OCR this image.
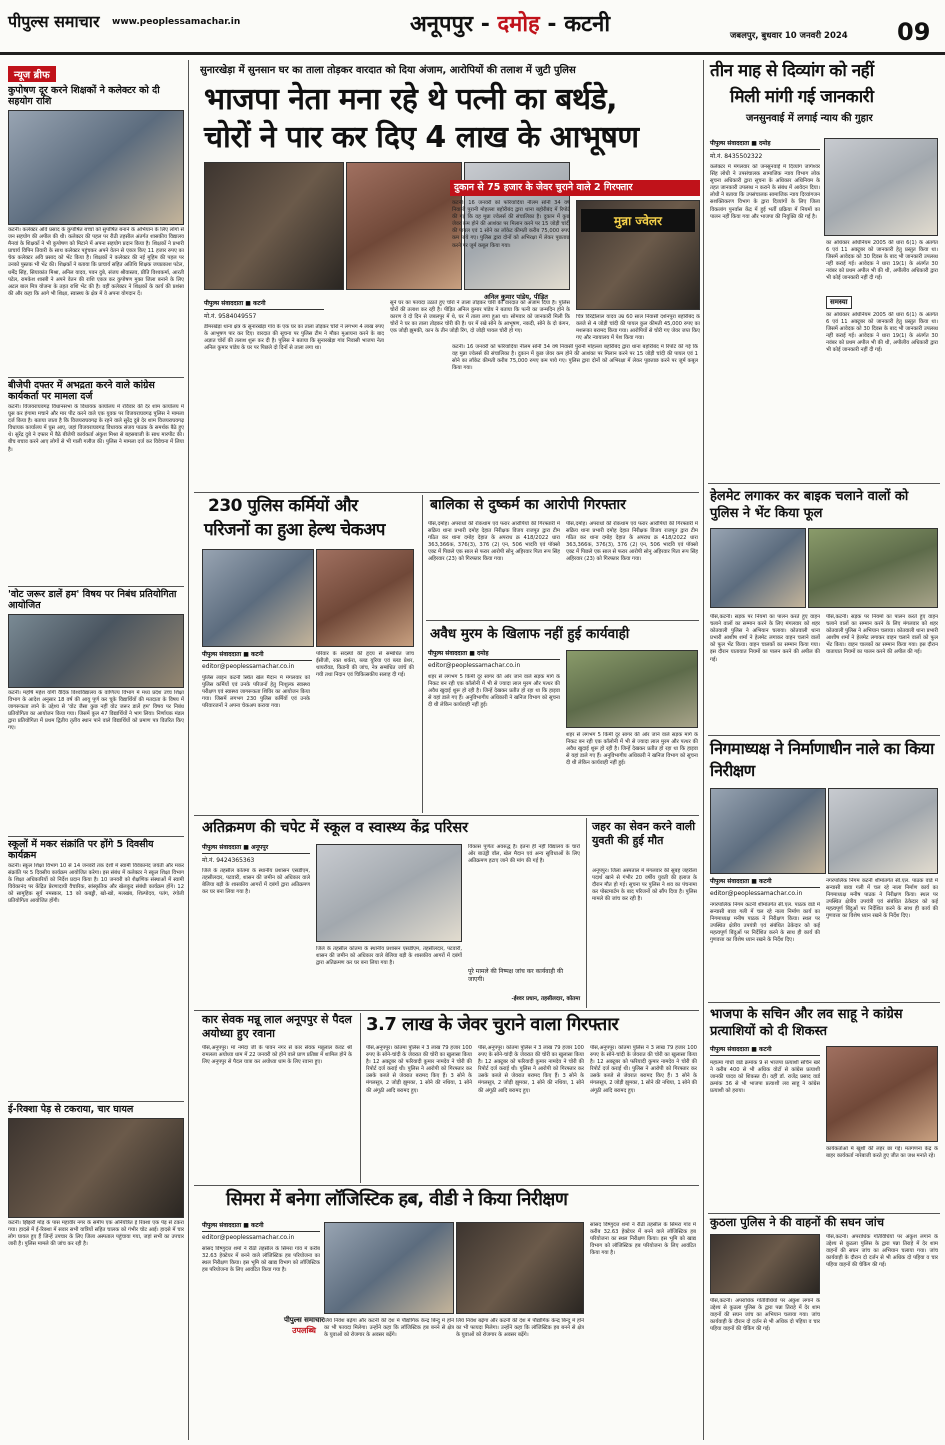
पीपुल्स समाचार www.peoplessamachar.in	अनूपपुर - दमोह - कटनी	जबलपुर, बुधवार 10 जनवरी 2024 09
न्यूज ब्रीफ
कुपोषण दूर करने शिक्षकों ने कलेक्टर को दी सहयोग राशि
कटनी। कलेक्टर अवि प्रसाद के कुपोषित बच्चों को सुपोषित बनाने के अभियान के लिए लोगों से जन सहयोग की अपील की थी। कलेक्टर की पहल पर रीठी तहसील अंतर्गत शासकीय विद्यालय मैनवां के शिक्षकों ने भी कुपोषण को मिटाने में अपना सहयोग प्रदान किया है। शिक्षकों ने प्रभारी प्राचार्य विपिन तिवारी के साथ कलेक्टर पहुंचकर अपने वेतन से एकत्र किए 11 हजार रुपए का चेक कलेक्टर अवि प्रसाद को भेंट किया है। शिक्षकों ने कलेक्टर की नई मुहिम की पहल पर उनको पुस्तक भी भेंट की। शिक्षकों ने बताया कि प्राचार्य सहित अतिथि शिक्षक जयप्रकाश पटेल, धर्मेंद्र सिंह, सियाकांत मिश्रा, अनिल यादव, पवन दुबे, संजय श्रीवास्तव, प्रीति विश्वकर्मा, आरती पटेल, रामकेश शास्त्री ने अपने वेतन की राशि एकत्र कर कुपोषण मुक्त जिला बनाने के लिए अटल बाल मित्र योजना के तहत राशि भेंट की है। वहीं कलेक्टर ने शिक्षकों के कार्य की प्रशंसा की और कहा कि आगे भी शिक्षा, स्वास्थ्य के क्षेत्र में वे अपना योगदान दें।
बीजेपी दफ्तर में अभद्रता करने वाले कांग्रेस कार्यकर्ता पर मामला दर्ज
कटनी। विजयराघवगढ़ विधानसभा के विधायक कार्यालय में रविवार की देर शाम कार्यालय में घुस कर हंगामा मचाने और मार पीट करने वाले एक युवक पर विजयराघवगढ़ पुलिस ने मामला दर्ज किया है। बताया जाता है कि विजयराघवगढ़ के रहने वाले सुरेंद्र दुबे देर शाम विजयराघवगढ़ विधायक कार्यालय में घुस आए, जहां विजयराघवगढ़ विधायक संजय पाठक के समर्थक बैठे हुए थे। सुरेंद्र दुबे ने दफ्तर में बैठे बीजेपी कार्यकर्ता अंकुश मिश्रा से बहसबाजी के साथ मारपीट की। बीच बचाव करने आए लोगों से भी गाली गलौज की। पुलिस ने मामला दर्ज कर विवेचना में लिया है।
'वोट जरूर डालें हम' विषय पर निबंध प्रतियोगिता आयोजित
कटनी। महर्षि महेश योगी वैदिक विश्वविद्यालय के वाणिज्य विभाग में मध्य प्रदेश उच्च शिक्षा विभाग के आदेश अनुसार 18 वर्ष की आयु पूर्ण कर चुके विद्यार्थियों की मतदाता के विषय में जागरूकता लाने के उद्देश्य से 'वोट जैसा कुछ नहीं वोट जरूर डालें हम' विषय पर निबंध प्रतियोगिता का आयोजन किया गया। जिसमें कुल 47 विद्यार्थियों ने भाग लिया। निर्णायक मंडल द्वारा प्रतियोगिता में प्रथम द्वितीय तृतीय स्थान पाने वाले विद्यार्थियों को प्रमाण पत्र वितरित किए गए।
स्कूलों में मकर संक्रांति पर होंगे 5 दिवसीय कार्यक्रम
कटनी। स्कूल शिक्षा विभाग 10 से 14 जनवरी तक देशी में स्वामी विवेकानंद जयंती और मकर संक्रांति पर 5 दिवसीय कार्यक्रम आयोजित करेगा। इस संबंध में कलेक्टर ने स्कूल शिक्षा विभाग के शिक्षा अधिकारियों को निर्देश प्रदान किया है। 10 जनवरी को शैक्षणिक संस्थाओं में स्वामी विवेकानंद पर केंद्रित प्रेरणादायी वैचारिक, सांस्कृतिक और खेलकूद संबंधी कार्यक्रम होंगे। 12 को सामूहिक सूर्य नमस्कार, 13 को कबड्डी, खो-खो, मलखंब, शिल्पोदय, पतंग, रंगोली प्रतियोगिता आयोजित होंगी।
ई-रिक्शा पेड़ से टकराया, चार घायल
कटनी। झिंझरी मोड़ के पास महावीर नगर के समीप एक अनियंत्रित ई रिक्शा एक पेड़ से टकरा गया। हादसे में ई-रिक्शा में सवार सभी यात्रियों सहित चालक को गंभीर चोट आई। हादसे में चार लोग घायल हुए हैं जिन्हें उपचार के लिए जिला अस्पताल पहुंचाया गया, जहां सभी का उपचार जारी है। पुलिस मामले की जांच कर रही है।
सुनारखेड़ा में सुनसान घर का ताला तोड़कर वारदात को दिया अंजाम, आरोपियों की तलाश में जुटी पुलिस
भाजपा नेता मना रहे थे पत्नी का बर्थडे,
चोरों ने पार कर दिए 4 लाख के आभूषण
अनिल कुमार पांडेय, पीड़ित
पीपुल्स संवाददाता ■ कटनी
मो.नं. 9584049557
डीमरखेड़ा थाना क्षेत्र के सुनारखेड़ा गांव के एक घर का ताला तोड़कर चोरों ने लगभग 4 लाख रुपए के आभूषण पार कर दिए। वारदात की सूचना पर पुलिस टीम ने मौका मुआयना करने के बाद अज्ञात चोरों की तलाश शुरू कर दी है। पुलिस ने बताया कि सुनारखेड़ा गांव निवासी भाजपा नेता अनिल कुमार पांडेय के घर पर पिछले दो दिनों से ताला लगा था।
सूने घर का फायदा उठाते हुए चोरों ने ताला तोड़कर चोरी की वारदात को अंजाम दिया है। पुलिस चोरों की तलाश कर रही है। पीड़ित अनिल कुमार पांडेय ने बताया कि पत्नी का जन्मदिन होने के कारण वे दो दिन से जबलपुर में थे, घर में ताला लगा हुआ था। सोमवार को जानकारी मिली कि चोरों ने घर का ताला तोड़कर चोरी की है। घर में रखे सोने के आभूषण, नकदी, सोने के दो कंगन, एक जोड़ी झुमकी, कान के तीन जोड़ी रिंग, दो जोड़ी पायल चोरी हो गए।
दुकान से 75 हजार के जेवर चुराने वाले 2 गिरफ्तार
कटनी। 16 जनवरी को फरियादिया नीलम सोनी 34 वर्ष निवासी पुरानी मोहल्ला बहोरीबंद द्वारा थाना बहोरीबंद में रिपोर्ट की गई कि वह मुन्ना ज्वेलर्स की संचालिका है। दुकान में कुछ जेवर कम होने की आशंका पर मिलान करने पर 15 जोड़ी चांदी की पायल एवं 1 सोने का लॉकेट कीमती करीब 75,000 रुपए कम पाये गए। पुलिस द्वारा दोनों को अभिरक्षा में लेकर पूछताछ करने पर जुर्म कबूल किया गया।
मुन्ना ज्वेलर
चित्र विरेंद्रीलाल यादव उम्र 60 साल निवासी दर्शनपुरा बहोरीबंद के कब्जे से 4 जोड़ी चांदी की पायल कुल कीमती 45,000 रुपए का मशरूका बरामद किया गया। आरोपियों से चोरी गए जेवर जप्त किए गए और न्यायालय में पेश किया गया।
कटनी। 16 जनवरी को फरियादिया नीलम सोनी 34 वर्ष निवासी पुरानी मोहल्ला बहोरीबंद द्वारा थाना बहोरीबंद में रिपोर्ट की गई कि वह मुन्ना ज्वेलर्स की संचालिका है। दुकान में कुछ जेवर कम होने की आशंका पर मिलान करने पर 15 जोड़ी चांदी की पायल एवं 1 सोने का लॉकेट कीमती करीब 75,000 रुपए कम पाये गए। पुलिस द्वारा दोनों को अभिरक्षा में लेकर पूछताछ करने पर जुर्म कबूल किया गया।
तीन माह से दिव्यांग को नहीं
मिली मांगी गई जानकारी
जनसुनवाई में लगाई न्याय की गुहार
पीपुल्स संवाददाता ■ दमोह
मो.नं. 8435502322
कलेक्टर में मंगलवार को जनसुनवाई में दिव्यांग जागेश्वर सिंह लोधी ने उपसंचालक सामाजिक न्याय विभाग लोक सूचना अधिकारी द्वारा सूचना के अधिकार अधिनियम के तहत जानकारी उपलब्ध न कराने के संबंध में आवेदन दिया। लोधी ने बताया कि उपसंचालक सामाजिक न्याय दिव्यांगजन सशक्तिकरण विभाग के द्वारा दिव्यांगों के लिए जिला विकलांग पुनर्वास केंद्र में हुई भर्ती प्रक्रिया में नियमों का पालन नहीं किया गया और भाजपा की नियुक्ति की गई है।
समस्या
का अधिकार अधिनियम 2005 की धारा 6(1) के अंतर्गत 6 एवं 11 अक्टूबर को जानकारी हेतु प्रस्तुत किया था। जिसमें आवेदक को 30 दिवस के बाद भी जानकारी उपलब्ध नहीं कराई गई। आवेदक ने धारा 19(1) के अंतर्गत 30 नवंबर को प्रथम अपील भी की थी, अपीलीय अधिकारी द्वारा भी कोई जानकारी नहीं दी गई।
का अधिकार अधिनियम 2005 की धारा 6(1) के अंतर्गत 6 एवं 11 अक्टूबर को जानकारी हेतु प्रस्तुत किया था। जिसमें आवेदक को 30 दिवस के बाद भी जानकारी उपलब्ध नहीं कराई गई। आवेदक ने धारा 19(1) के अंतर्गत 30 नवंबर को प्रथम अपील भी की थी, अपीलीय अधिकारी द्वारा भी कोई जानकारी नहीं दी गई।
हेलमेट लगाकर कर बाइक चलाने वालों को पुलिस ने भेंट किया फूल
पीसं,कटनी। सड़क पर नियमों का पालन करते हुए वाहन चलाने वालों का सम्मान करने के लिए मंगलवार को शहर कोतवाली पुलिस ने अभियान चलाया। कोतवाली थाना प्रभारी आशीष शर्मा ने हेलमेट लगाकर वाहन चलाने वालों को फूल भेंट किया। वाहन चालकों का सम्मान किया गया। इस दौरान यातायात नियमों का पालन करने की अपील की गई।
पीसं,कटनी। सड़क पर नियमों का पालन करते हुए वाहन चलाने वालों का सम्मान करने के लिए मंगलवार को शहर कोतवाली पुलिस ने अभियान चलाया। कोतवाली थाना प्रभारी आशीष शर्मा ने हेलमेट लगाकर वाहन चलाने वालों को फूल भेंट किया। वाहन चालकों का सम्मान किया गया। इस दौरान यातायात नियमों का पालन करने की अपील की गई।
निगमाध्यक्ष ने निर्माणाधीन नाले का किया निरीक्षण
पीपुल्स संवाददाता ■ कटनी
editor@peoplessamachar.co.in
नगरपालिक निगम कटनी शीमांतर्गत सी.एल. पाठक वार्ड में सन्यासी बावा गली में चल रहे नाला निर्माण कार्य का निगमाध्यक्ष मनीष पाठक ने निरीक्षण किया। स्थल पर उपस्थित क्षेत्रीय उपयंत्री एवं संबंधित ठेकेदार को कई महत्वपूर्ण बिंदुओं पर निर्देशित करने के साथ ही कार्य की गुणवत्ता का विशेष ध्यान रखने के निर्देश दिए।
नगरपालिक निगम कटनी शीमांतर्गत सी.एल. पाठक वार्ड में सन्यासी बावा गली में चल रहे नाला निर्माण कार्य का निगमाध्यक्ष मनीष पाठक ने निरीक्षण किया। स्थल पर उपस्थित क्षेत्रीय उपयंत्री एवं संबंधित ठेकेदार को कई महत्वपूर्ण बिंदुओं पर निर्देशित करने के साथ ही कार्य की गुणवत्ता का विशेष ध्यान रखने के निर्देश दिए।
भाजपा के सचिन और लव साहू ने कांग्रेस प्रत्याशियों को दी शिकस्त
पीपुल्स संवाददाता ■ कटनी
महात्मा गांधी वार्ड क्रमांक 9 से भाजपा प्रत्याशी सचिन खरे ने करीब 400 से भी अधिक वोटों से कांग्रेस प्रत्याशी जानकी यादव को शिकस्त दी। वहीं डॉ. राजेंद्र प्रसाद वार्ड क्रमांक 36 से भी भाजपा प्रत्याशी लव साहू ने कांग्रेस प्रत्याशी को हराया।
कार्यकर्ताओं में खुशी की लहर छा गई। मतगणना केंद्र के बाहर कार्यकर्ता नारेबाजी करते हुए जीत का जश्न मनाते रहे।
कुठला पुलिस ने की वाहनों की सघन जांच
पीसं,कटनी। अपराधिक गतिविधियों पर अंकुश लगाने के उद्देश्य से कुठला पुलिस के द्वारा पन्ना तिराहे में देर शाम वाहनों की सघन जांच का अभियान चलाया गया। जांच कार्यवाही के दौरान दो दर्जन से भी अधिक दो पहिया व चार पहिया वाहनों की चेकिंग की गई।
पीसं,कटनी। अपराधिक गतिविधियों पर अंकुश लगाने के उद्देश्य से कुठला पुलिस के द्वारा पन्ना तिराहे में देर शाम वाहनों की सघन जांच का अभियान चलाया गया। जांच कार्यवाही के दौरान दो दर्जन से भी अधिक दो पहिया व चार पहिया वाहनों की चेकिंग की गई।
230 पुलिस कर्मियों और
परिजनों का हुआ हेल्थ चेकअप
पीपुल्स संवाददाता ■ कटनी
editor@peoplessamachar.co.in
पुलिस लाइन कटनी स्थित खेल मैदान में मंगलवार को पुलिस कर्मियों एवं उनके परिजनों हेतु निःशुल्क स्वास्थ्य परीक्षण एवं स्वास्थ्य जागरूकता शिविर का आयोजन किया गया। जिसमें लगभग 230 पुलिस कर्मियों एवं उनके परिवारजनों ने अपना चेकअप कराया गया।
परिवार के सदस्यों की हृदय से सम्बंधित जांच ईसीजी, रक्त शर्करा, ब्लड युरिया एवं ब्लड प्रेशर, थायरॉयड, किडनी की जांच, नेत्र सम्बंधित जांचें की गयी तथा निदान एवं चिकित्सकीय सलाह दी गई।
बालिका से दुष्कर्म का आरोपी गिरफ्तार
पीसं,दमोह। अपराधों की रोकथाम एवं फरार आरोपियों की गिरफ्तारी में सक्रिय थाना प्रभारी दमोह देहात निरीक्षक विजय राजपूत द्वारा टीम गठित कर थाना दमोह देहात के अपराध क्र 418/2022 धारा 363,366क, 376(3), 376 (2) एन, 506 भादवि एवं पॉक्सो एक्ट में पिछले एक साल से फरार आरोपी सोनू अहिरवार पिता रूप सिंह अहिरवार (23) को गिरफ्तार किया गया।
पीसं,दमोह। अपराधों की रोकथाम एवं फरार आरोपियों की गिरफ्तारी में सक्रिय थाना प्रभारी दमोह देहात निरीक्षक विजय राजपूत द्वारा टीम गठित कर थाना दमोह देहात के अपराध क्र 418/2022 धारा 363,366क, 376(3), 376 (2) एन, 506 भादवि एवं पॉक्सो एक्ट में पिछले एक साल से फरार आरोपी सोनू अहिरवार पिता रूप सिंह अहिरवार (23) को गिरफ्तार किया गया।
अवैध मुरम के खिलाफ नहीं हुई कार्यवाही
पीपुल्स संवाददाता ■ दमोह
editor@peoplessamachar.co.in
शहर से लगभग 5 किमी दूर सागर की ओर जाने वाले सड़क मार्ग के निकट बन रही एक कॉलोनी में भी से ज्यादा लाल मुरम और पत्थर की अवैध खुदाई शुरू हो रही है। जिन्हें देखकर प्रतीत हो रहा था कि हाइवा से यहां डाले गए हैं। अनुविभागीय अधिकारी ने खनिज विभाग को सूचना दी थी लेकिन कार्यवाही नहीं हुई।
शहर से लगभग 5 किमी दूर सागर की ओर जाने वाले सड़क मार्ग के निकट बन रही एक कॉलोनी में भी से ज्यादा लाल मुरम और पत्थर की अवैध खुदाई शुरू हो रही है। जिन्हें देखकर प्रतीत हो रहा था कि हाइवा से यहां डाले गए हैं। अनुविभागीय अधिकारी ने खनिज विभाग को सूचना दी थी लेकिन कार्यवाही नहीं हुई।
अतिक्रमण की चपेट में स्कूल व स्वास्थ्य केंद्र परिसर
पीपुल्स संवाददाता ■ अनूपपुर
मो.नं. 9424365363
जिले के तहसील कोतमा के स्थानीय प्रशासन एसडीएम, तहसीलदार, पटवारी, शासन की जमीन को अधिकार वाले बेलिया बड़ी के शासकीय आगरों में दबंगों द्वारा अतिक्रमण कर घर बना लिया गया है।
जिले के तहसील कोतमा के स्थानीय प्रशासन एसडीएम, तहसीलदार, पटवारी, शासन की जमीन को अधिकार वाले बेलिया बड़ी के शासकीय आगरों में दबंगों द्वारा अतिक्रमण कर घर बना लिया गया है।
विकास पूर्णतः अवरुद्ध है। इतना ही नहीं विद्यालय के चारों ओर बाउंड्री वॉल, खेल मैदान एवं अन्य सुविधाओं के लिए अतिक्रमण हटाए जाने की मांग की गई है।
पूरे मामले की निष्पक्ष जांच कर कार्यवाही की जाएगी।
-ईश्वर प्रधान, तहसीलदार, कोतमा
जहर का सेवन करने वाली युवती की हुई मौत
अनूपपुर। जिला अस्पताल में मंगलवार की सुबह जहरीला पदार्थ खाने से गंभीर 20 वर्षीय युवती की इलाज के दौरान मौत हो गई। सूचना पर पुलिस ने शव का पंचनामा कर पोस्टमार्टम के बाद परिजनों को सौंप दिया है। पुलिस मामले की जांच कर रही है।
कार सेवक मन्नू लाल अनूपपुर से पैदल अयोध्या हुए रवाना
पीसं,अनूपपुर। मां नर्मदा जी के पावन नगर से कार सेवक मन्नूलाल केवट श्री रामलला अयोध्या धाम में 22 जनवरी को होने वाले प्राण प्रतिष्ठा में शामिल होने के लिए अनूपपुर से पैदल यात्रा कर अयोध्या धाम के लिए रवाना हुए।
3.7 लाख के जेवर चुराने वाला गिरफ्तार
पीसं,अनूपपुर। कोतमा पुलिस ने 3 लाख 79 हजार 100 रुपए के सोने-चांदी के जेवरात की चोरी का खुलासा किया है। 12 अक्टूबर को फरियादी कुमार नामदेव ने चोरी की रिपोर्ट दर्ज कराई थी। पुलिस ने आरोपी को गिरफ्तार कर उसके कब्जे से जेवरात बरामद किए हैं। 3 सोने के मंगलसूत्र, 2 जोड़ी झुमका, 1 सोने की नथिया, 1 सोने की अंगूठी आदि बरामद हुए।
पीसं,अनूपपुर। कोतमा पुलिस ने 3 लाख 79 हजार 100 रुपए के सोने-चांदी के जेवरात की चोरी का खुलासा किया है। 12 अक्टूबर को फरियादी कुमार नामदेव ने चोरी की रिपोर्ट दर्ज कराई थी। पुलिस ने आरोपी को गिरफ्तार कर उसके कब्जे से जेवरात बरामद किए हैं। 3 सोने के मंगलसूत्र, 2 जोड़ी झुमका, 1 सोने की नथिया, 1 सोने की अंगूठी आदि बरामद हुए।
पीसं,अनूपपुर। कोतमा पुलिस ने 3 लाख 79 हजार 100 रुपए के सोने-चांदी के जेवरात की चोरी का खुलासा किया है। 12 अक्टूबर को फरियादी कुमार नामदेव ने चोरी की रिपोर्ट दर्ज कराई थी। पुलिस ने आरोपी को गिरफ्तार कर उसके कब्जे से जेवरात बरामद किए हैं। 3 सोने के मंगलसूत्र, 2 जोड़ी झुमका, 1 सोने की नथिया, 1 सोने की अंगूठी आदि बरामद हुए।
सिमरा में बनेगा लॉजिस्टिक हब, वीडी ने किया निरीक्षण
पीपुल्स संवाददाता ■ कटनी
editor@peoplessamachar.co.in
सांसद विष्णुदत्त शर्मा ने रीठी तहसील के सिमरा गांव में करीब 32.63 हेक्टेयर में बनने वाले लॉजिस्टिक हब परियोजना का स्थल निरीक्षण किया। इस भूमि को खाद्य विभाग को लॉजिस्टिक हब परियोजना के लिए आवंटित किया गया है।
पीपुल्स समाचार
उपलब्धि
लिये निवेश बढ़ेगा और कटनी की देश में पौद्योगिक केन्द्र बिन्दु में होने का भी फायदा मिलेगा। उन्होंने कहा कि लॉजिस्टिक हब बनने से क्षेत्र के युवाओं को रोजगार के अवसर बढ़ेंगे।
लिये निवेश बढ़ेगा और कटनी की देश में पौद्योगिक केन्द्र बिन्दु में होने का भी फायदा मिलेगा। उन्होंने कहा कि लॉजिस्टिक हब बनने से क्षेत्र के युवाओं को रोजगार के अवसर बढ़ेंगे।
सांसद विष्णुदत्त शर्मा ने रीठी तहसील के सिमरा गांव में करीब 32.63 हेक्टेयर में बनने वाले लॉजिस्टिक हब परियोजना का स्थल निरीक्षण किया। इस भूमि को खाद्य विभाग को लॉजिस्टिक हब परियोजना के लिए आवंटित किया गया है।
